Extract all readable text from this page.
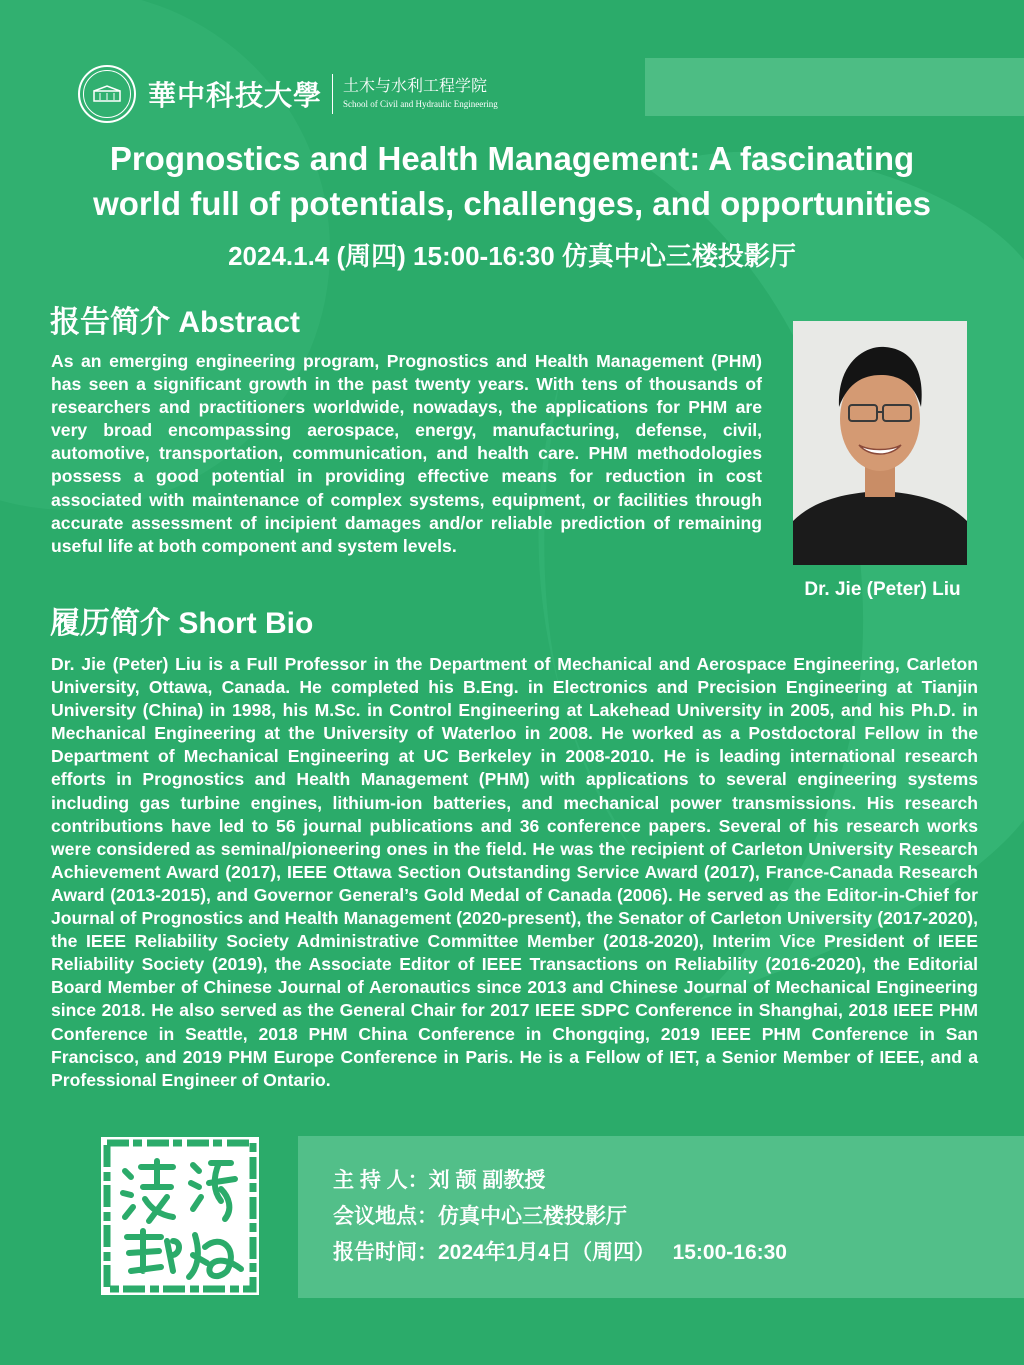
華中科技大學 土木与水利工程学院
School of Civil and Hydraulic Engineering
Prognostics and Health Management: A fascinating
world full of potentials, challenges, and opportunities
2024.1.4 (周四) 15:00-16:30 仿真中心三楼投影厅
报告简介 Abstract
As an emerging engineering program, Prognostics and Health Management (PHM) has seen a significant growth in the past twenty years. With tens of thousands of researchers and practitioners worldwide, nowadays, the applications for PHM are very broad encompassing aerospace, energy, manufacturing, defense, civil, automotive, transportation, communication, and health care. PHM methodologies possess a good potential in providing effective means for reduction in cost associated with maintenance of complex systems, equipment, or facilities through accurate assessment of incipient damages and/or reliable prediction of remaining useful life at both component and system levels.
Dr. Jie (Peter) Liu
履历简介 Short Bio
Dr. Jie (Peter) Liu is a Full Professor in the Department of Mechanical and Aerospace Engineering, Carleton University, Ottawa, Canada. He completed his B.Eng. in Electronics and Precision Engineering at Tianjin University (China) in 1998, his M.Sc. in Control Engineering at Lakehead University in 2005, and his Ph.D. in Mechanical Engineering at the University of Waterloo in 2008. He worked as a Postdoctoral Fellow in the Department of Mechanical Engineering at UC Berkeley in 2008-2010. He is leading international research efforts in Prognostics and Health Management (PHM) with applications to several engineering systems including gas turbine engines, lithium-ion batteries, and mechanical power transmissions. His research contributions have led to 56 journal publications and 36 conference papers. Several of his research works were considered as seminal/pioneering ones in the field. He was the recipient of Carleton University Research Achievement Award (2017), IEEE Ottawa Section Outstanding Service Award (2017), France-Canada Research Award (2013-2015), and Governor General’s Gold Medal of Canada (2006). He served as the Editor-in-Chief for Journal of Prognostics and Health Management (2020-present), the Senator of Carleton University (2017-2020), the IEEE Reliability Society Administrative Committee Member (2018-2020), Interim Vice President of IEEE Reliability Society (2019), the Associate Editor of IEEE Transactions on Reliability (2016-2020), the Editorial Board Member of Chinese Journal of Aeronautics since 2013 and Chinese Journal of Mechanical Engineering since 2018. He also served as the General Chair for 2017 IEEE SDPC Conference in Shanghai, 2018 IEEE PHM Conference in Seattle, 2018 PHM China Conference in Chongqing, 2019 IEEE PHM Conference in San Francisco, and 2019 PHM Europe Conference in Paris. He is a Fellow of IET, a Senior Member of IEEE, and a Professional Engineer of Ontario.
主 持 人：刘 颉 副教授
会议地点：仿真中心三楼投影厅
报告时间：2024年1月4日（周四）   15:00-16:30
